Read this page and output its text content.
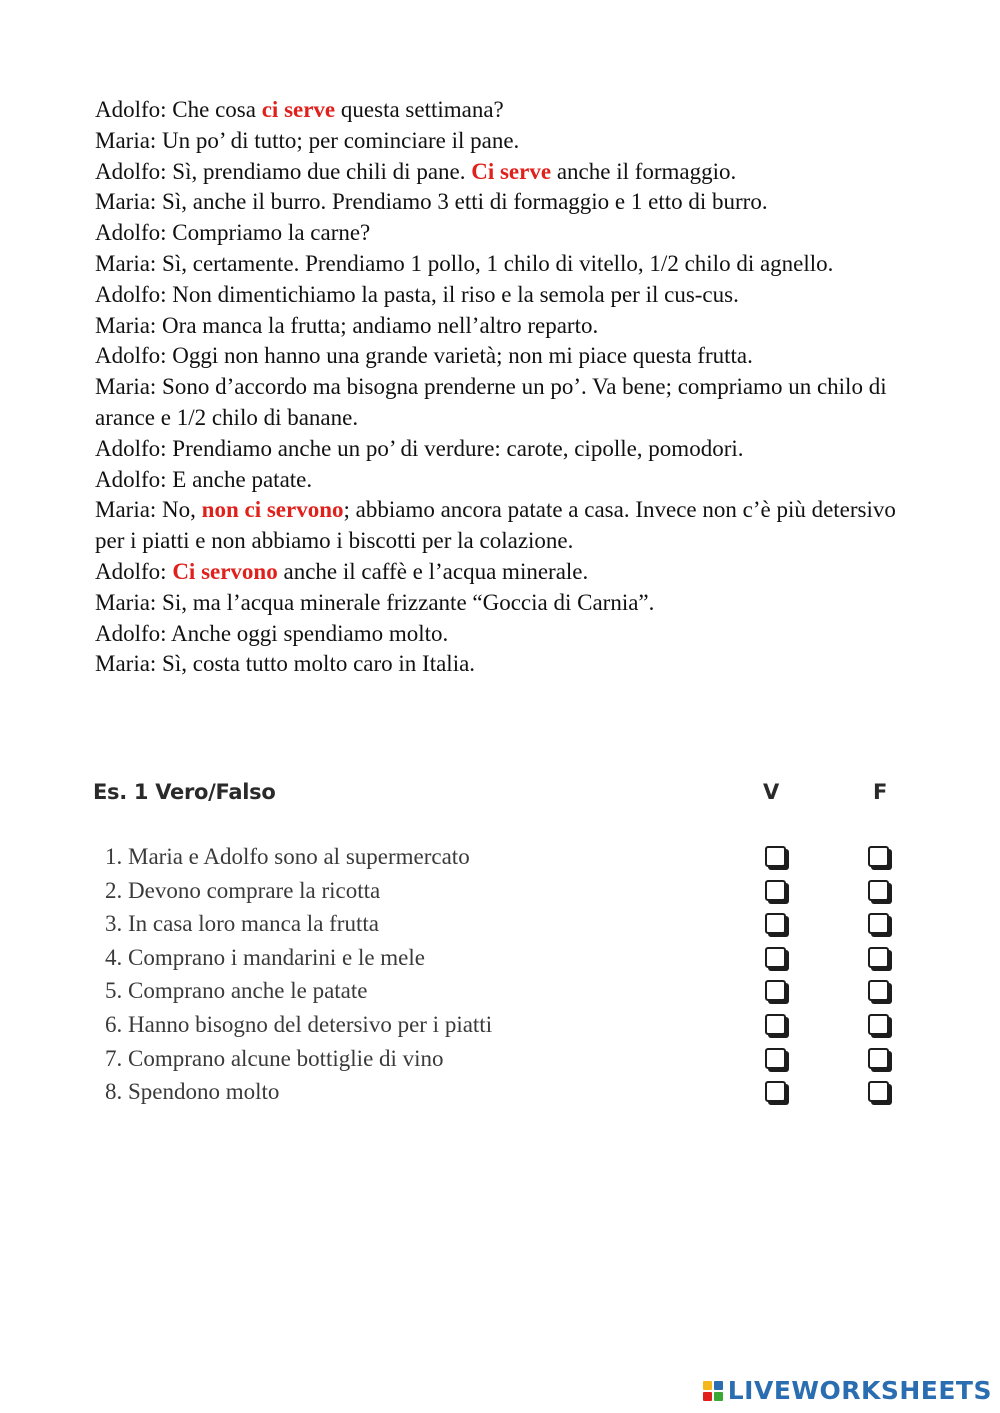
Adolfo: Che cosa ci serve questa settimana?

Maria: Un po’ di tutto; per cominciare il pane.

Adolfo: Sì, prendiamo due chili di pane. Ci serve anche il formaggio.

Maria: Sì, anche il burro. Prendiamo 3 etti di formaggio e 1 etto di burro.

Adolfo: Compriamo la carne?

Maria: Sì, certamente. Prendiamo 1 pollo, 1 chilo di vitello, 1/2 chilo di agnello.

Adolfo: Non dimentichiamo la pasta, il riso e la semola per il cus-cus.

Maria: Ora manca la frutta; andiamo nell’altro reparto.

Adolfo: Oggi non hanno una grande varietà; non mi piace questa frutta.

Maria: Sono d’accordo ma bisogna prenderne un po’. Va bene; compriamo un chilo di arance e 1/2 chilo di banane.

Adolfo: Prendiamo anche un po’ di verdure: carote, cipolle, pomodori.

Adolfo: E anche patate.

Maria: No, non ci servono; abbiamo ancora patate a casa. Invece non c’è più detersivo per i piatti e non abbiamo i biscotti per la colazione.

Adolfo: Ci servono anche il caffè e l’acqua minerale.

Maria: Si, ma l’acqua minerale frizzante “Goccia di Carnia”.

Adolfo: Anche oggi spendiamo molto.

Maria: Sì, costa tutto molto caro in Italia.

Es. 1 Vero/Falso	V	F
1. Maria e Adolfo sono al supermercato
2. Devono comprare la ricotta
3. In casa loro manca la frutta
4. Comprano i mandarini e le mele
5. Comprano anche le patate
6. Hanno bisogno del detersivo per i piatti
7. Comprano alcune bottiglie di vino
8. Spendono molto
LIVEWORKSHEETS
